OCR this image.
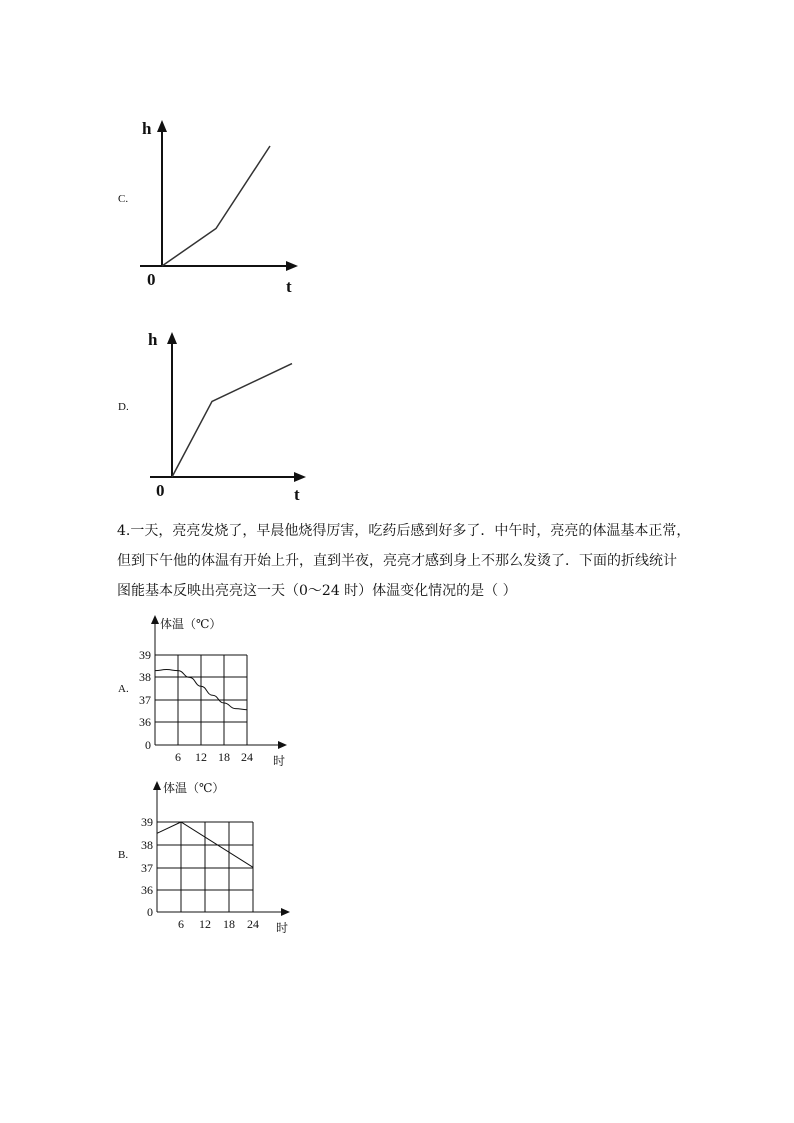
C.
h
t
0
D.
h
t
0

4.一天，亮亮发烧了，早晨他烧得厉害，吃药后感到好多了．中午时，亮亮的体温基本正常，

但到下午他的体温有开始上升，直到半夜，亮亮才感到身上不那么发烫了．下面的折线统计

图能基本反映出亮亮这一天（0～24 时）体温变化情况的是（ ）

A.
体温（℃）
时
39
38
37
36
0
6 12 18 24
B.
体温（℃）
时
39
38
37
36
0
6 12 18 24
